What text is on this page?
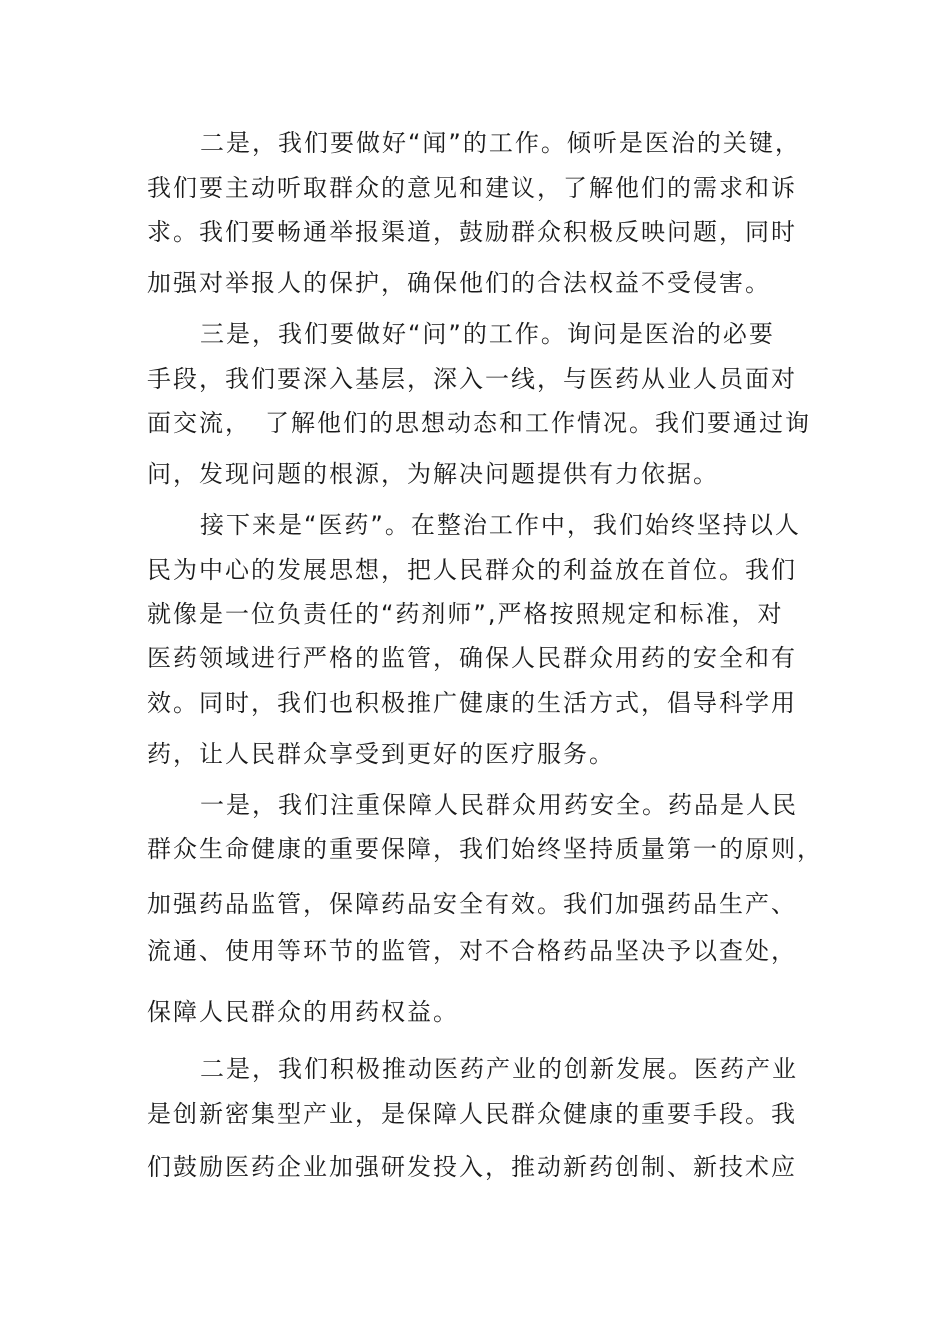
二是，我们要做好“闻”的工作。倾听是医治的关键，
我们要主动听取群众的意见和建议，了解他们的需求和诉
求。我们要畅通举报渠道，鼓励群众积极反映问题，同时
加强对举报人的保护，确保他们的合法权益不受侵害。
三是，我们要做好“问”的工作。询问是医治的必要
手段，我们要深入基层，深入一线，与医药从业人员面对
面交流，　了解他们的思想动态和工作情况。我们要通过询
问，发现问题的根源，为解决问题提供有力依据。
接下来是“医药”。在整治工作中，我们始终坚持以人
民为中心的发展思想，把人民群众的利益放在首位。我们
就像是一位负责任的“药剂师”,严格按照规定和标准，对
医药领域进行严格的监管，确保人民群众用药的安全和有
效。同时，我们也积极推广健康的生活方式，倡导科学用
药，让人民群众享受到更好的医疗服务。
一是，我们注重保障人民群众用药安全。药品是人民
群众生命健康的重要保障，我们始终坚持质量第一的原则，
加强药品监管，保障药品安全有效。我们加强药品生产、
流通、使用等环节的监管，对不合格药品坚决予以查处，
保障人民群众的用药权益。
二是，我们积极推动医药产业的创新发展。医药产业
是创新密集型产业，是保障人民群众健康的重要手段。我
们鼓励医药企业加强研发投入，推动新药创制、新技术应
